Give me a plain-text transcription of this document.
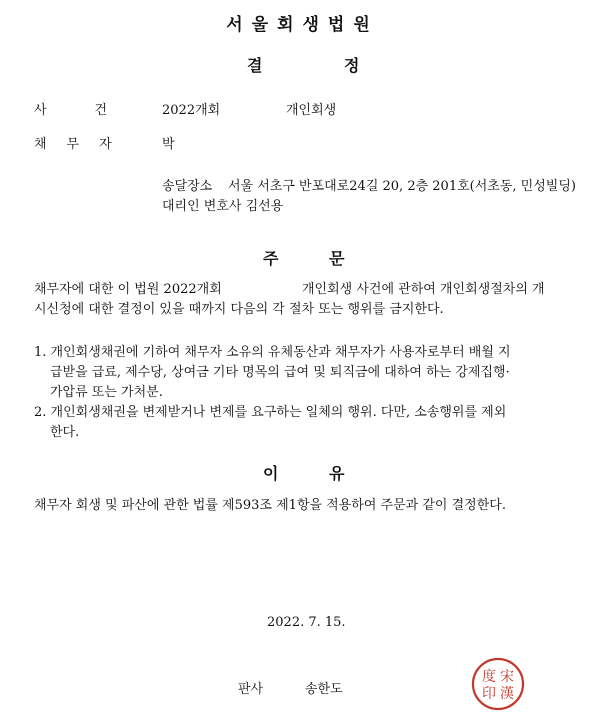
서울회생법원
결	정
사건 2022개회	개인회생
채무자 박
송달장소 서울 서초구 반포대로24길 20, 2층 201호(서초동, 민성빌딩)
대리인 변호사 김선용
주	문
채무자에 대한 이 법원 2022개회	개인회생 사건에 관하여 개인회생절차의 개
시신청에 대한 결정이 있을 때까지 다음의 각 절차 또는 행위를 금지한다.
1. 개인회생채권에 기하여 채무자 소유의 유체동산과 채무자가 사용자로부터 배월 지
급받을 급료, 제수당, 상여금 기타 명목의 급여 및 퇴직금에 대하여 하는 강제집행·
가압류 또는 가처분.
2. 개인회생채권을 변제받거나 변제를 요구하는 일체의 행위. 다만, 소송행위를 제외
한다.
이	유
채무자 회생 및 파산에 관한 법률 제593조 제1항을 적용하여 주문과 같이 결정한다.
2022. 7. 15.
판사	송한도
宋
漢
度
印
